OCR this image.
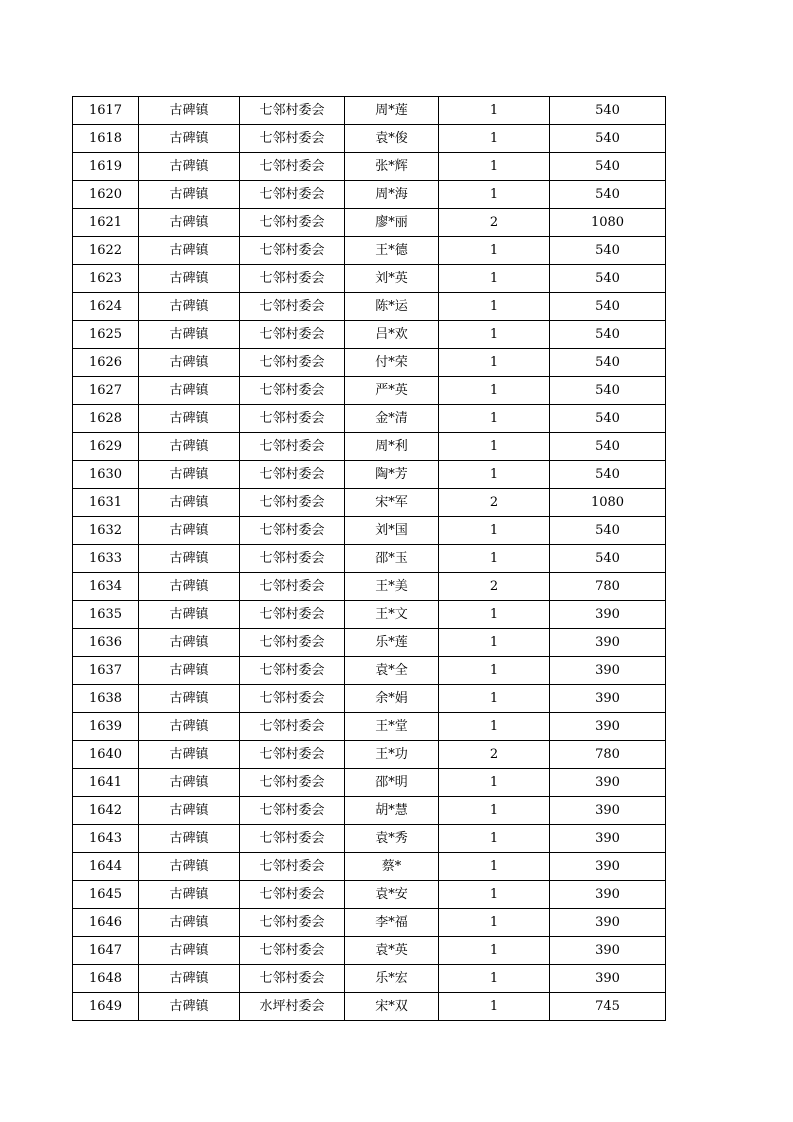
1617	古碑镇	七邻村委会	周*莲	1	540
1618	古碑镇	七邻村委会	袁*俊	1	540
1619	古碑镇	七邻村委会	张*辉	1	540
1620	古碑镇	七邻村委会	周*海	1	540
1621	古碑镇	七邻村委会	廖*丽	2	1080
1622	古碑镇	七邻村委会	王*德	1	540
1623	古碑镇	七邻村委会	刘*英	1	540
1624	古碑镇	七邻村委会	陈*运	1	540
1625	古碑镇	七邻村委会	吕*欢	1	540
1626	古碑镇	七邻村委会	付*荣	1	540
1627	古碑镇	七邻村委会	严*英	1	540
1628	古碑镇	七邻村委会	金*清	1	540
1629	古碑镇	七邻村委会	周*利	1	540
1630	古碑镇	七邻村委会	陶*芳	1	540
1631	古碑镇	七邻村委会	宋*军	2	1080
1632	古碑镇	七邻村委会	刘*国	1	540
1633	古碑镇	七邻村委会	邵*玉	1	540
1634	古碑镇	七邻村委会	王*美	2	780
1635	古碑镇	七邻村委会	王*文	1	390
1636	古碑镇	七邻村委会	乐*莲	1	390
1637	古碑镇	七邻村委会	袁*全	1	390
1638	古碑镇	七邻村委会	余*娟	1	390
1639	古碑镇	七邻村委会	王*堂	1	390
1640	古碑镇	七邻村委会	王*功	2	780
1641	古碑镇	七邻村委会	邵*明	1	390
1642	古碑镇	七邻村委会	胡*慧	1	390
1643	古碑镇	七邻村委会	袁*秀	1	390
1644	古碑镇	七邻村委会	蔡*	1	390
1645	古碑镇	七邻村委会	袁*安	1	390
1646	古碑镇	七邻村委会	李*福	1	390
1647	古碑镇	七邻村委会	袁*英	1	390
1648	古碑镇	七邻村委会	乐*宏	1	390
1649	古碑镇	水坪村委会	宋*双	1	745
